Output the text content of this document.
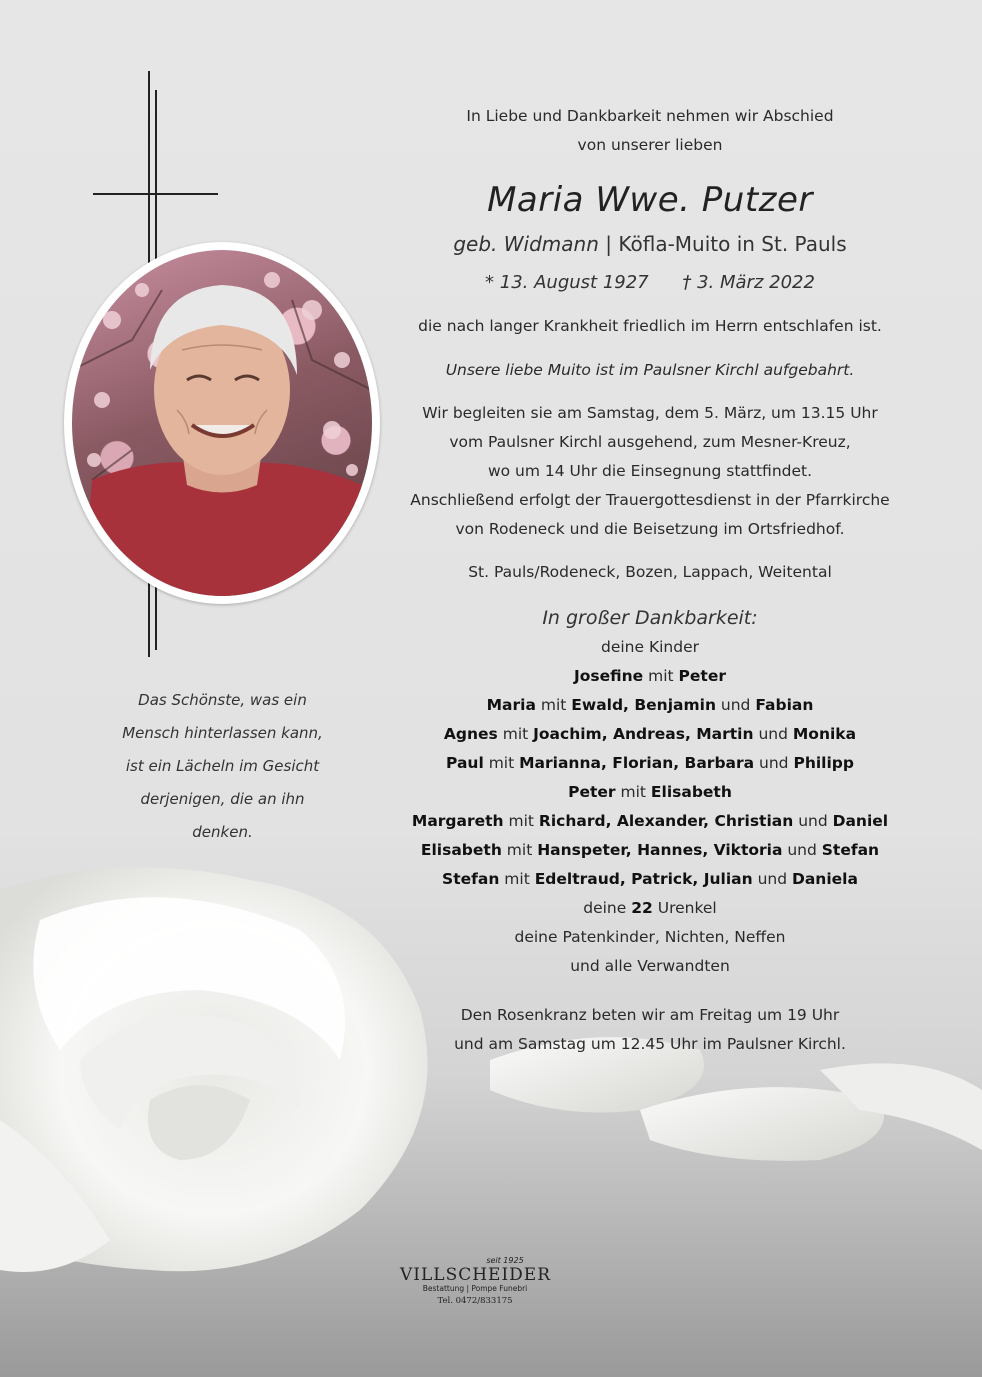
Das Schönste, was ein
Mensch hinterlassen kann,
ist ein Lächeln im Gesicht
derjenigen, die an ihn
denken.
In Liebe und Dankbarkeit nehmen wir Abschied
von unserer lieben
Maria Wwe. Putzer
geb. Widmann | Köfla-Muito in St. Pauls
* 13. August 1927 † 3. März 2022
die nach langer Krankheit friedlich im Herrn entschlafen ist.
Unsere liebe Muito ist im Paulsner Kirchl aufgebahrt.
Wir begleiten sie am Samstag, dem 5. März, um 13.15 Uhr
vom Paulsner Kirchl ausgehend, zum Mesner-Kreuz,
wo um 14 Uhr die Einsegnung stattfindet.
Anschließend erfolgt der Trauergottesdienst in der Pfarrkirche
von Rodeneck und die Beisetzung im Ortsfriedhof.
St. Pauls/Rodeneck, Bozen, Lappach, Weitental
In großer Dankbarkeit:
deine Kinder
Josefine mit Peter
Maria mit Ewald, Benjamin und Fabian
Agnes mit Joachim, Andreas, Martin und Monika
Paul mit Marianna, Florian, Barbara und Philipp
Peter mit Elisabeth
Margareth mit Richard, Alexander, Christian und Daniel
Elisabeth mit Hanspeter, Hannes, Viktoria und Stefan
Stefan mit Edeltraud, Patrick, Julian und Daniela
deine 22 Urenkel
deine Patenkinder, Nichten, Neffen
und alle Verwandten
Den Rosenkranz beten wir am Freitag um 19 Uhr
und am Samstag um 12.45 Uhr im Paulsner Kirchl.
seit 1925
VILLSCHEIDER
Bestattung | Pompe Funebri
Tel. 0472/833175
